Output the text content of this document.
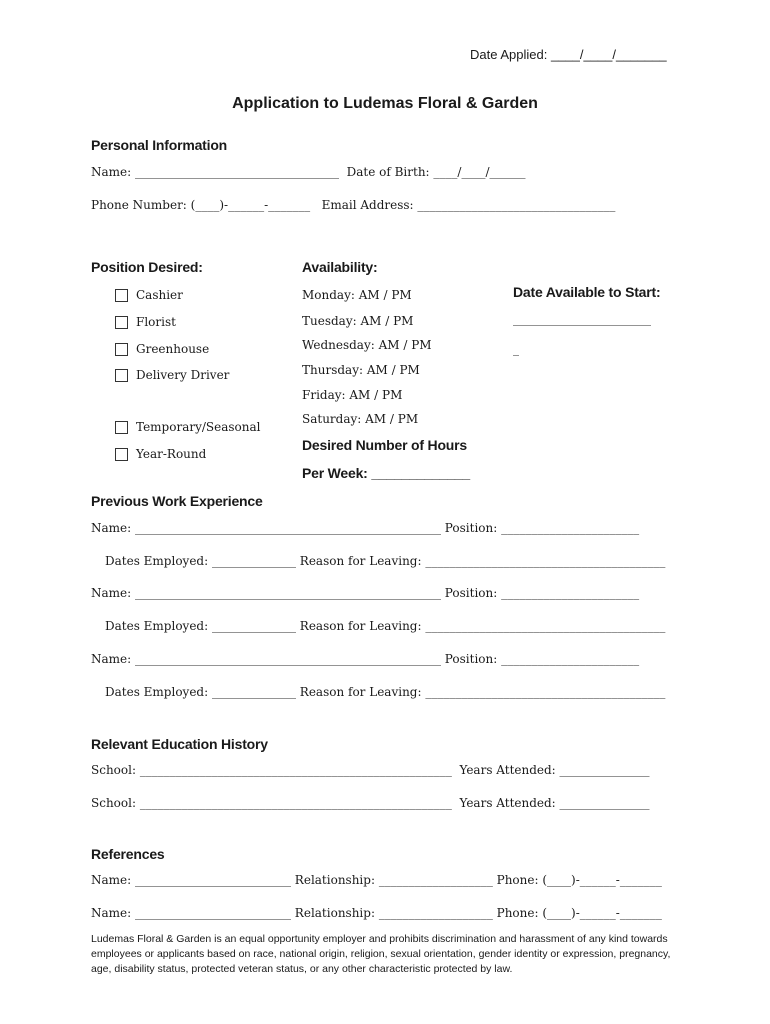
Date Applied: ____/____/_______
Application to Ludemas Floral & Garden
Personal Information
Name: __________________________________  Date of Birth: ____/____/______
Phone Number: (____)-______-_______   Email Address: _________________________________
Position Desired:
Cashier
Florist
Greenhouse
Delivery Driver
Temporary/Seasonal
Year-Round
Availability:
Monday: AM / PM
Tuesday: AM / PM
Wednesday: AM / PM
Thursday: AM / PM
Friday: AM / PM
Saturday: AM / PM
Desired Number of Hours
Per Week: _____________
Date Available to Start:
_______________________
_
Previous Work Experience
Name: ___________________________________________________ Position: _______________________
Dates Employed: ______________ Reason for Leaving: ________________________________________
Name: ___________________________________________________ Position: _______________________
Dates Employed: ______________ Reason for Leaving: ________________________________________
Name: ___________________________________________________ Position: _______________________
Dates Employed: ______________ Reason for Leaving: ________________________________________
Relevant Education History
School: ____________________________________________________  Years Attended: _______________
School: ____________________________________________________  Years Attended: _______________
References
Name: __________________________ Relationship: ___________________ Phone: (____)-______-_______
Name: __________________________ Relationship: ___________________ Phone: (____)-______-_______
Ludemas Floral & Garden is an equal opportunity employer and prohibits discrimination and harassment of any kind towards employees or applicants based on race, national origin, religion, sexual orientation, gender identity or expression, pregnancy, age, disability status, protected veteran status, or any other characteristic protected by law.
